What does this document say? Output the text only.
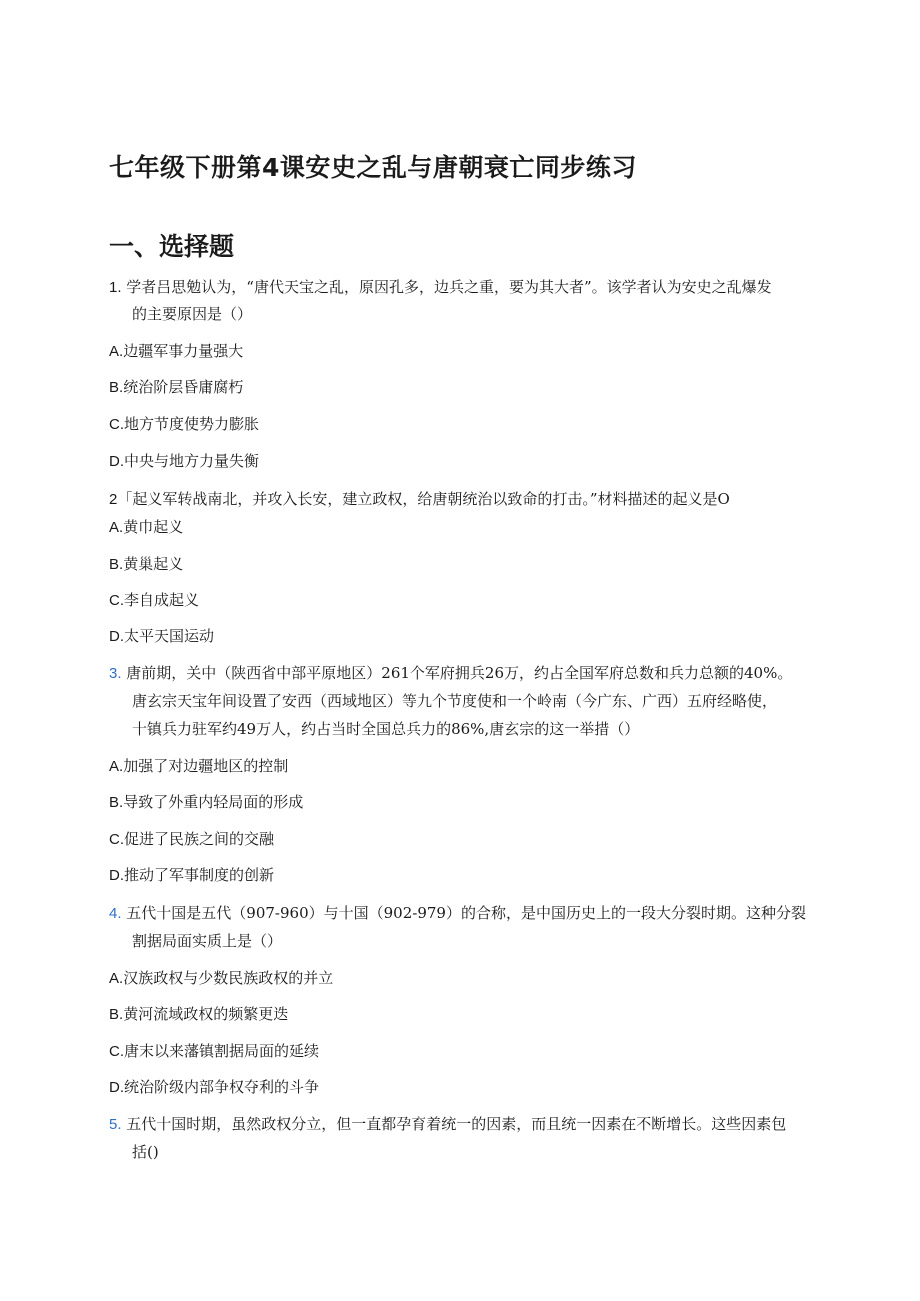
七年级下册第4课安史之乱与唐朝衰亡同步练习
一、选择题
1. 学者吕思勉认为，“唐代天宝之乱，原因孔多，边兵之重，要为其大者”。该学者认为安史之乱爆发
的主要原因是（）
A.边疆军事力量强大
B.统治阶层昏庸腐朽
C.地方节度使势力膨胀
D.中央与地方力量失衡
2「起义军转战南北，并攻入长安，建立政权，给唐朝统治以致命的打击。”材料描述的起义是O
A.黄巾起义
B.黄巢起义
C.李自成起义
D.太平天国运动
3. 唐前期，关中（陕西省中部平原地区）261个军府拥兵26万，约占全国军府总数和兵力总额的40%。
唐玄宗天宝年间设置了安西（西域地区）等九个节度使和一个岭南（今广东、广西）五府经略使，
十镇兵力驻军约49万人，约占当时全国总兵力的86%,唐玄宗的这一举措（）
A.加强了对边疆地区的控制
B.导致了外重内轻局面的形成
C.促进了民族之间的交融
D.推动了军事制度的创新
4. 五代十国是五代（907-960）与十国（902-979）的合称，是中国历史上的一段大分裂时期。这种分裂
割据局面实质上是（）
A.汉族政权与少数民族政权的并立
B.黄河流域政权的频繁更迭
C.唐末以来藩镇割据局面的延续
D.统治阶级内部争权夺利的斗争
5. 五代十国时期，虽然政权分立，但一直都孕育着统一的因素，而且统一因素在不断增长。这些因素包
括()
